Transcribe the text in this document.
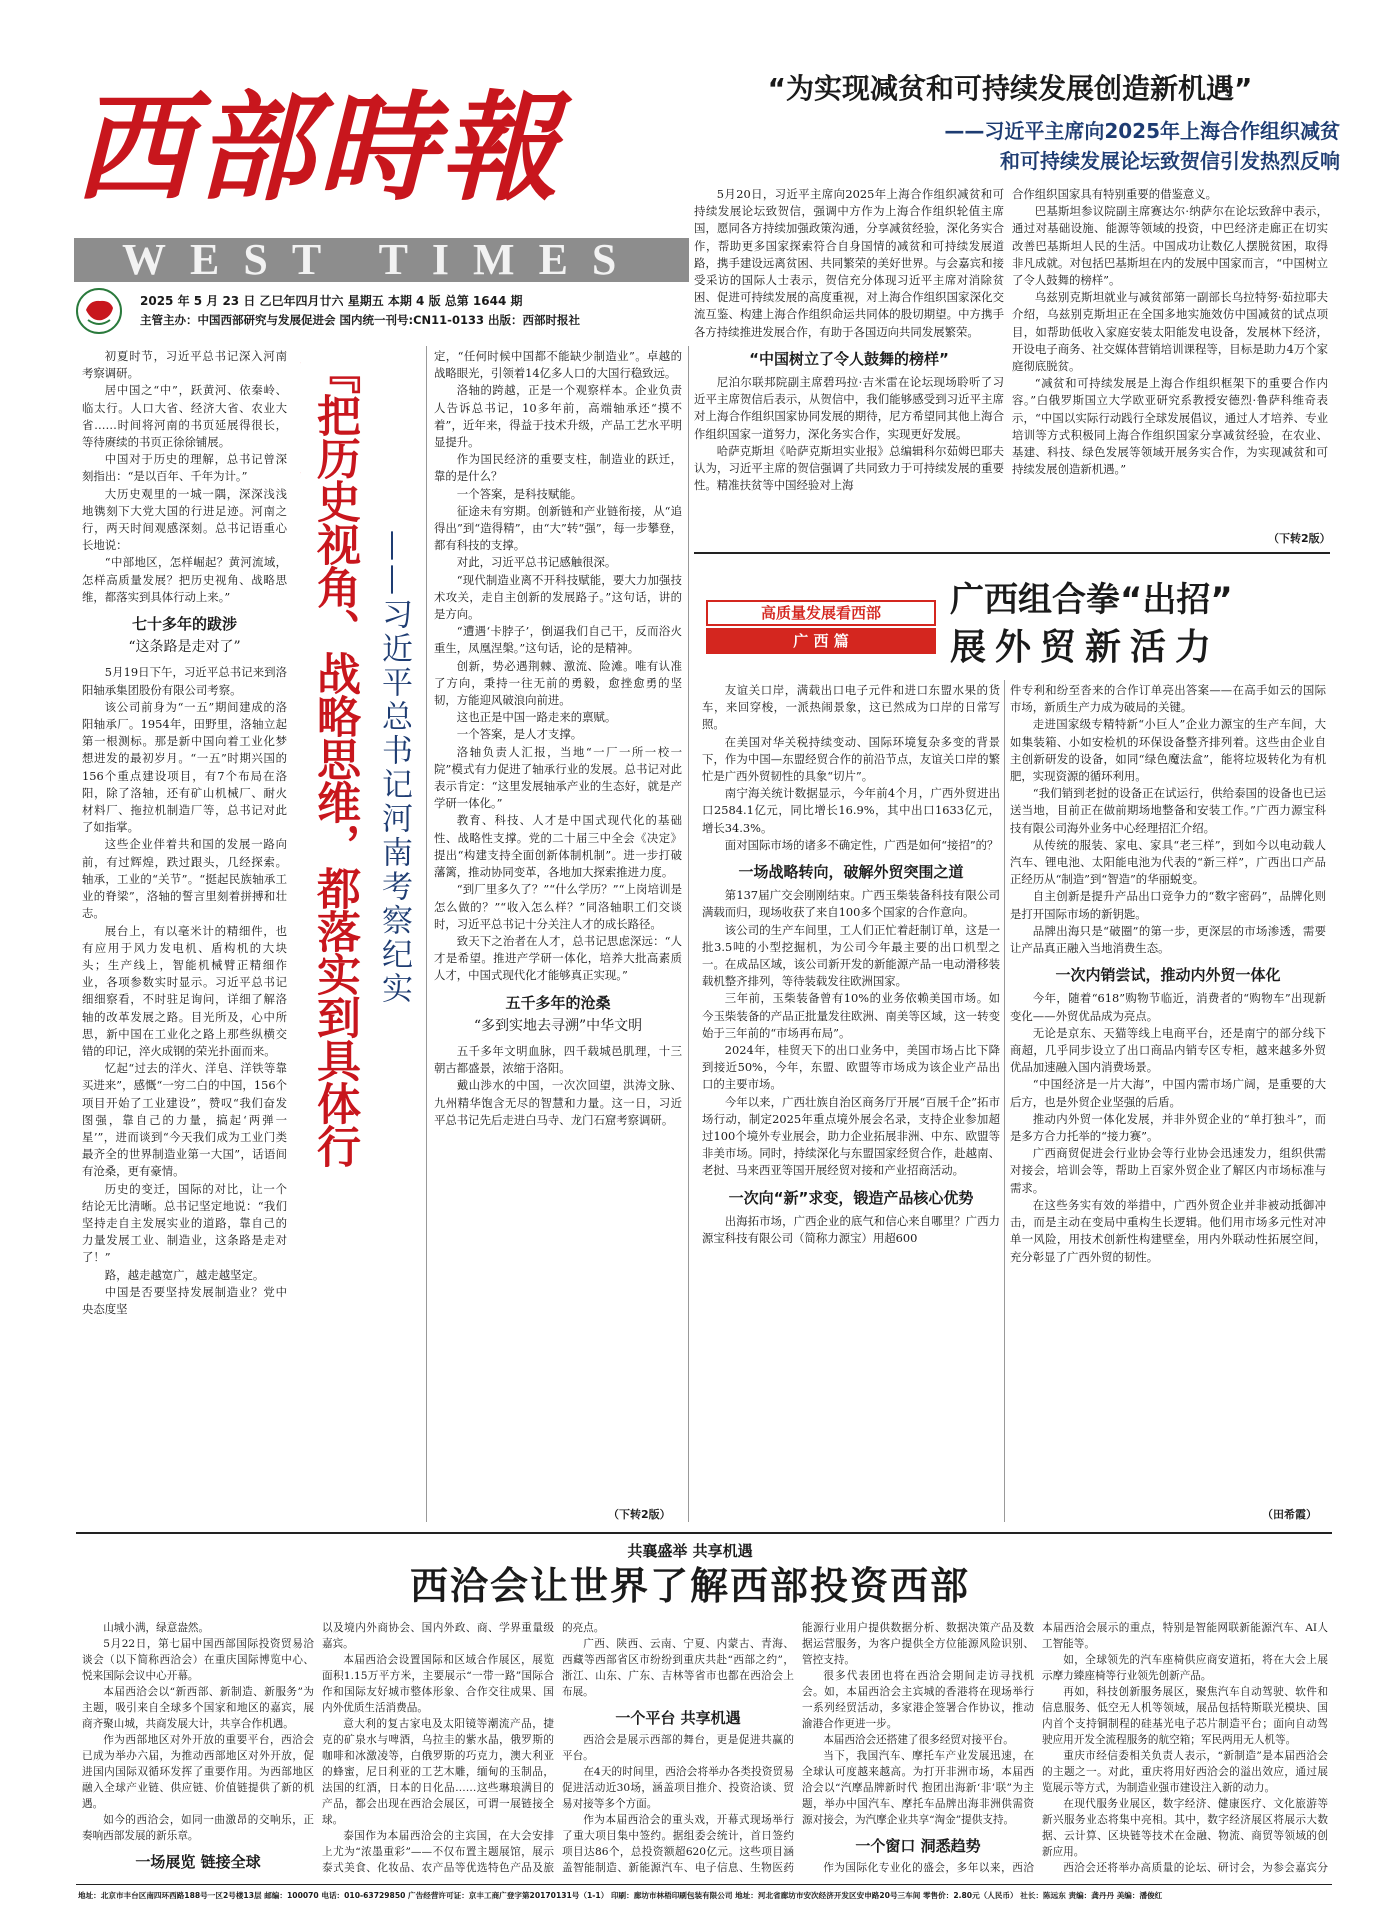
西部時報
WEST TIMES
2025 年 5 月 23 日 乙巳年四月廿六 星期五 本期 4 版 总第 1644 期
主管主办：中国西部研究与发展促进会 国内统一刊号:CN11-0133 出版：西部时报社
“为实现减贫和可持续发展创造新机遇”
——习近平主席向2025年上海合作组织减贫
和可持续发展论坛致贺信引发热烈反响

5月20日，习近平主席向2025年上海合作组织减贫和可持续发展论坛致贺信，强调中方作为上海合作组织轮值主席国，愿同各方持续加强政策沟通，分享减贫经验，深化务实合作，帮助更多国家探索符合自身国情的减贫和可持续发展道路，携手建设远离贫困、共同繁荣的美好世界。与会嘉宾和接受采访的国际人士表示，贺信充分体现习近平主席对消除贫困、促进可持续发展的高度重视，对上海合作组织国家深化交流互鉴、构建上海合作组织命运共同体的股切期望。中方携手各方持续推进发展合作，有助于各国迈向共同发展繁荣。

“中国树立了令人鼓舞的榜样”

尼泊尔联邦院副主席碧玛拉·吉米雷在论坛现场聆听了习近平主席贺信后表示，从贺信中，我们能够感受到习近平主席对上海合作组织国家协同发展的期待，尼方希望同其他上海合作组织国家一道努力，深化务实合作，实现更好发展。

哈萨克斯坦《哈萨克斯坦实业报》总编辑科尔茹姆巴耶夫认为，习近平主席的贺信强调了共同致力于可持续发展的重要性。精准扶贫等中国经验对上海

合作组织国家具有特别重要的借鉴意义。

巴基斯坦参议院副主席赛达尔·纳萨尔在论坛致辞中表示，通过对基础设施、能源等领域的投资，中巴经济走廊正在切实改善巴基斯坦人民的生活。中国成功让数亿人摆脱贫困，取得非凡成就。对包括巴基斯坦在内的发展中国家而言，“中国树立了令人鼓舞的榜样”。

乌兹别克斯坦就业与减贫部第一副部长乌拉特努·茹拉耶夫介绍，乌兹别克斯坦正在全国多地实施效仿中国减贫的试点项目，如帮助低收入家庭安装太阳能发电设备，发展林下经济，开设电子商务、社交媒体营销培训课程等，目标是助力4万个家庭彻底脱贫。

“减贫和可持续发展是上海合作组织框架下的重要合作内容。”白俄罗斯国立大学欧亚研究系教授安德烈·鲁萨科维奇表示，“中国以实际行动践行全球发展倡议，通过人才培养、专业培训等方式积极同上海合作组织国家分享减贫经验，在农业、基建、科技、绿色发展等领域开展务实合作，为实现减贫和可持续发展创造新机遇。”

（下转2版）

初夏时节，习近平总书记深入河南考察调研。

居中国之“中”，跃黄河、依秦岭、临太行。人口大省、经济大省、农业大省……时间将河南的书页延展得很长，等待赓续的书页正徐徐铺展。

中国对于历史的理解，总书记曾深刻指出：“是以百年、千年为计。”

大历史观里的一城一隅，深深浅浅地镌刻下大党大国的行进足迹。河南之行，两天时间观感深刻。总书记语重心长地说：

“中部地区，怎样崛起？黄河流域，怎样高质量发展？把历史视角、战略思维，都落实到具体行动上来。”

七十多年的跋涉

“这条路是走对了”

5月19日下午，习近平总书记来到洛阳轴承集团股份有限公司考察。

该公司前身为“一五”期间建成的洛阳轴承厂。1954年，田野里，洛轴立起第一根测标。那是新中国向着工业化梦想进发的最初岁月。“一五”时期兴国的156个重点建设项目，有7个布局在洛阳，除了洛轴，还有矿山机械厂、耐火材料厂、拖拉机制造厂等，总书记对此了如指掌。

这些企业伴着共和国的发展一路向前，有过辉煌，跌过跟头，几经探索。轴承，工业的“关节”。“挺起民族轴承工业的脊梁”，洛轴的誓言里刻着拼搏和壮志。

展台上，有以毫米计的精细件，也有应用于风力发电机、盾构机的大块头；生产线上，智能机械臂正精细作业，各项参数实时显示。习近平总书记细细察看，不时驻足询问，详细了解洛轴的改革发展之路。目光所及，心中所思，新中国在工业化之路上那些纵横交错的印记，淬火成钢的荣光扑面而来。

忆起“过去的洋火、洋皂、洋铁等靠买进来”，感慨“一穷二白的中国，156个项目开始了工业建设”，赞叹“我们奋发图强，靠自己的力量，搞起‘两弹一星’”，进而谈到“今天我们成为工业门类最齐全的世界制造业第一大国”，话语间有沧桑，更有豪情。

历史的变迁，国际的对比，让一个结论无比清晰。总书记坚定地说：“我们坚持走自主发展实业的道路，靠自己的力量发展工业、制造业，这条路是走对了！”

路，越走越宽广，越走越坚定。

中国是否要坚持发展制造业？党中央态度坚

『把历史视角、战略思维，都落实到具体行
——习近平总书记河南考察纪实

定，“任何时候中国都不能缺少制造业”。卓越的战略眼光，引领着14亿多人口的大国行稳致远。

洛轴的跨越，正是一个观察样本。企业负责人告诉总书记，10多年前，高端轴承还“摸不着”，近年来，得益于技术升级，产品工艺水平明显提升。

作为国民经济的重要支柱，制造业的跃迁，靠的是什么？

一个答案，是科技赋能。

征途未有穷期。创新链和产业链衔接，从“追得出”到“造得精”，由“大”转“强”，每一步攀登，都有科技的支撑。

对此，习近平总书记感触很深。

“现代制造业离不开科技赋能，要大力加强技术攻关，走自主创新的发展路子。”这句话，讲的是方向。

“遭遇‘卡脖子’，倒逼我们自己干，反而浴火重生，凤凰涅槃。”这句话，论的是精神。

创新，势必遇荆棘、激流、险滩。唯有认准了方向，秉持一往无前的勇毅，愈挫愈勇的坚韧，方能迎风破浪向前进。

这也正是中国一路走来的禀赋。

一个答案，是人才支撑。

洛轴负责人汇报，当地“一厂一所一校一院”模式有力促进了轴承行业的发展。总书记对此表示肯定：“这里发展轴承产业的生态好，就是产学研一体化。”

教育、科技、人才是中国式现代化的基础性、战略性支撑。党的二十届三中全会《决定》提出“构建支持全面创新体制机制”。进一步打破藩篱，推动协同变革，各地加大探索推进力度。

“到厂里多久了？”“什么学历？”“上岗培训是怎么做的？”“收入怎么样？”同洛轴职工们交谈时，习近平总书记十分关注人才的成长路径。

致天下之治者在人才，总书记思虑深远：“人才是希望。推进产学研一体化，培养大批高素质人才，中国式现代化才能够真正实现。”

五千多年的沧桑

“多到实地去寻溯”中华文明

五千多年文明血脉，四千载城邑肌理，十三朝古都盛景，浓缩于洛阳。

戴山渉水的中国，一次次回望，洪涛文脉、九州精华饱含无尽的智慧和力量。这一日，习近平总书记先后走进白马寺、龙门石窟考察调研。

（下转2版）
高质量发展看西部
广 西 篇
广西组合拳“出招”
展外贸新活力

友谊关口岸，满载出口电子元件和进口东盟水果的货车，来回穿梭，一派热闹景象，这已然成为口岸的日常写照。

在美国对华关税持续变动、国际环境复杂多变的背景下，作为中国—东盟经贸合作的前沿节点，友谊关口岸的繁忙是广西外贸韧性的具象“切片”。

南宁海关统计数据显示，今年前4个月，广西外贸进出口2584.1亿元，同比增长16.9%，其中出口1633亿元，增长34.3%。

面对国际市场的诸多不确定性，广西是如何“接招”的？

一场战略转向，破解外贸突围之道

第137届广交会刚刚结束。广西玉柴装备科技有限公司满载而归，现场收获了来自100多个国家的合作意向。

该公司的生产车间里，工人们正忙着赶制订单，这是一批3.5吨的小型挖掘机，为公司今年最主要的出口机型之一。在成品区域，该公司新开发的新能源产品一电动滑移装载机整齐排列，等待装载发往欧洲国家。

三年前，玉柴装备曾有10%的业务依赖美国市场。如今玉柴装备的产品正批量发往欧洲、南美等区域，这一转变始于三年前的“市场再布局”。

2024年，桂贸天下的出口业务中，美国市场占比下降到接近50%，今年，东盟、欧盟等市场成为该企业产品出口的主要市场。

今年以来，广西壮族自治区商务厅开展“百展千企”拓市场行动，制定2025年重点境外展会名录，支持企业参加超过100个境外专业展会，助力企业拓展非洲、中东、欧盟等非美市场。同时，持续深化与东盟国家经贸合作，赴越南、老挝、马来西亚等国开展经贸对接和产业招商活动。

一次向“新”求变，锻造产品核心优势

出海拓市场，广西企业的底气和信心来自哪里？广西力源宝科技有限公司（简称力源宝）用超600

件专利和纷至沓来的合作订单亮出答案——在高手如云的国际市场，新质生产力成为破局的关键。

走进国家级专精特新“小巨人”企业力源宝的生产车间，大如集装箱、小如安检机的环保设备整齐排列着。这些由企业自主创新研发的设备，如同“绿色魔法盒”，能将垃圾转化为有机肥，实现资源的循环利用。

“我们销到老挝的设备正在试运行，供给泰国的设备也已运送当地，目前正在做前期场地整备和安装工作。”广西力源宝科技有限公司海外业务中心经理招汇介绍。

从传统的服装、家电、家具“老三样”，到如今以电动载人汽车、锂电池、太阳能电池为代表的“新三样”，广西出口产品正经历从“制造”到“智造”的华丽蜕变。

自主创新是提升产品出口竞争力的“数字密码”，品牌化则是打开国际市场的新钥匙。

品牌出海只是“破圈”的第一步，更深层的市场渗透，需要让产品真正融入当地消费生态。

一次内销尝试，推动内外贸一体化

今年，随着“618”购物节临近，消费者的“购物车”出现新变化——外贸优品成为亮点。

无论是京东、天猫等线上电商平台，还是南宁的部分线下商超，几乎同步设立了出口商品内销专区专柜，越来越多外贸优品加速融入国内消费场景。

“中国经济是一片大海”，中国内需市场广阔，是重要的大后方，也是外贸企业坚强的后盾。

推动内外贸一体化发展，并非外贸企业的“单打独斗”，而是多方合力托举的“接力赛”。

广西商贸促进会行业协会等行业协会迅速发力，组织供需对接会，培训会等，帮助上百家外贸企业了解区内市场标准与需求。

在这些务实有效的举措中，广西外贸企业并非被动抵御冲击，而是主动在变局中重构生长逻辑。他们用市场多元性对冲单一风险，用技术创新性构建壁垒，用内外联动性拓展空间，充分彰显了广西外贸的韧性。

（田希霞）
共襄盛举 共享机遇
西洽会让世界了解西部投资西部

山城小满，绿意盎然。

5月22日，第七届中国西部国际投资贸易洽谈会（以下简称西洽会）在重庆国际博览中心、悦来国际会议中心开幕。

本届西洽会以“新西部、新制造、新服务”为主题，吸引来自全球多个国家和地区的嘉宾，展商齐聚山城，共商发展大计，共享合作机遇。

作为西部地区对外开放的重要平台，西洽会已成为举办六届，为推动西部地区对外开放，促进国内国际双循环发挥了重要作用。为西部地区融入全球产业链、供应链、价值链提供了新的机遇。

如今的西洽会，如同一曲激昂的交响乐，正奏响西部发展的新乐章。

一场展览 链接全球

以及境内外商协会、国内外政、商、学界重量级嘉宾。

本届西洽会设置国际和区域合作展区，展览面积1.15万平方米，主要展示“一带一路”国际合作和国际友好城市整体形象、合作交往成果、国内外优质生活消费品。

意大利的复古家电及太阳镜等潮流产品，捷克的矿泉水与啤酒，乌拉圭的紫水晶，俄罗斯的咖啡和冰激凌等，白俄罗斯的巧克力，澳大利亚的蜂蜜，尼日利亚的工艺木雕，缅甸的玉制品，法国的红酒，日本的日化品……这些琳琅满目的产品，都会出现在西洽会展区，可谓一展链接全球。

泰国作为本届西洽会的主宾国，在大会安排上尤为“浓墨重彩”——不仅布置主题展馆，展示泰式美食、化妆品、农产品等优选特色产品及旅

的亮点。

广西、陕西、云南、宁夏、内蒙古、青海、西藏等西部省区市纷纷到重庆共赴“西部之约”，浙江、山东、广东、吉林等省市也都在西洽会上布展。

一个平台 共享机遇

西洽会是展示西部的舞台，更是促进共赢的平台。

在4天的时间里，西洽会将举办各类投资贸易促进活动近30场，涵盖项目推介、投资洽谈、贸易对接等多个方面。

作为本届西洽会的重头戏，开幕式现场举行了重大项目集中签约。据组委会统计，首日签约项目达86个，总投资额超620亿元。这些项目涵盖智能制造、新能源汽车、电子信息、生物医药

能源行业用户提供数据分析、数据决策产品及数据运营服务，为客户提供全方位能源风险识别、管控支持。

很多代表团也将在西洽会期间走访寻找机会。如，本届西洽会主宾城的香港将在现场举行一系列经贸活动，多家港企签署合作协议，推动渝港合作更进一步。

本届西洽会还搭建了很多经贸对接平台。

当下，我国汽车、摩托车产业发展迅速，在全球认可度越来越高。为打开非洲市场，本届西洽会以“汽摩品牌新时代 抱团出海新‘非’联”为主题，举办中国汽车、摩托车品牌出海非洲供需资源对接会，为汽摩企业共享“淘金”提供支持。

一个窗口 洞悉趋势

作为国际化专业化的盛会，多年以来，西洽

本届西洽会展示的重点，特别是智能网联新能源汽车、AI人工智能等。

如，全球领先的汽车座椅供应商安道拓，将在大会上展示摩力臻座椅等行业领先创新产品。

再如，科技创新服务展区，聚焦汽车自动驾驶、软件和信息服务、低空无人机等领域，展品包括特斯联光模块、国内首个支持铜制程的硅基光电子芯片制造平台；面向自动驾驶应用开发全流程服务的航空箱；军民两用无人机等。

重庆市经信委相关负责人表示，“新制造”是本届西洽会的主题之一。对此，重庆将用好西洽会的溢出效应，通过展览展示等方式，为制造业强市建设注入新的动力。

在现代服务业展区，数字经济、健康医疗、文化旅游等新兴服务业态将集中亮相。其中，数字经济展区将展示大数据、云计算、区块链等技术在金融、物流、商贸等领域的创新应用。

西洽会还将举办高质量的论坛、研讨会，为参会嘉宾分

地址：北京市丰台区南四环西路188号一区2号楼13层 邮编：100070 电话：010-63729850 广告经营许可证：京丰工商广登字第20170131号（1-1） 印刷：廊坊市林梧印刷包装有限公司 地址：河北省廊坊市安次经济开发区安申路20号三车间 零售价：2.80元（人民币） 社长：陈远东 责编：龚丹丹 美编：潘俊红
